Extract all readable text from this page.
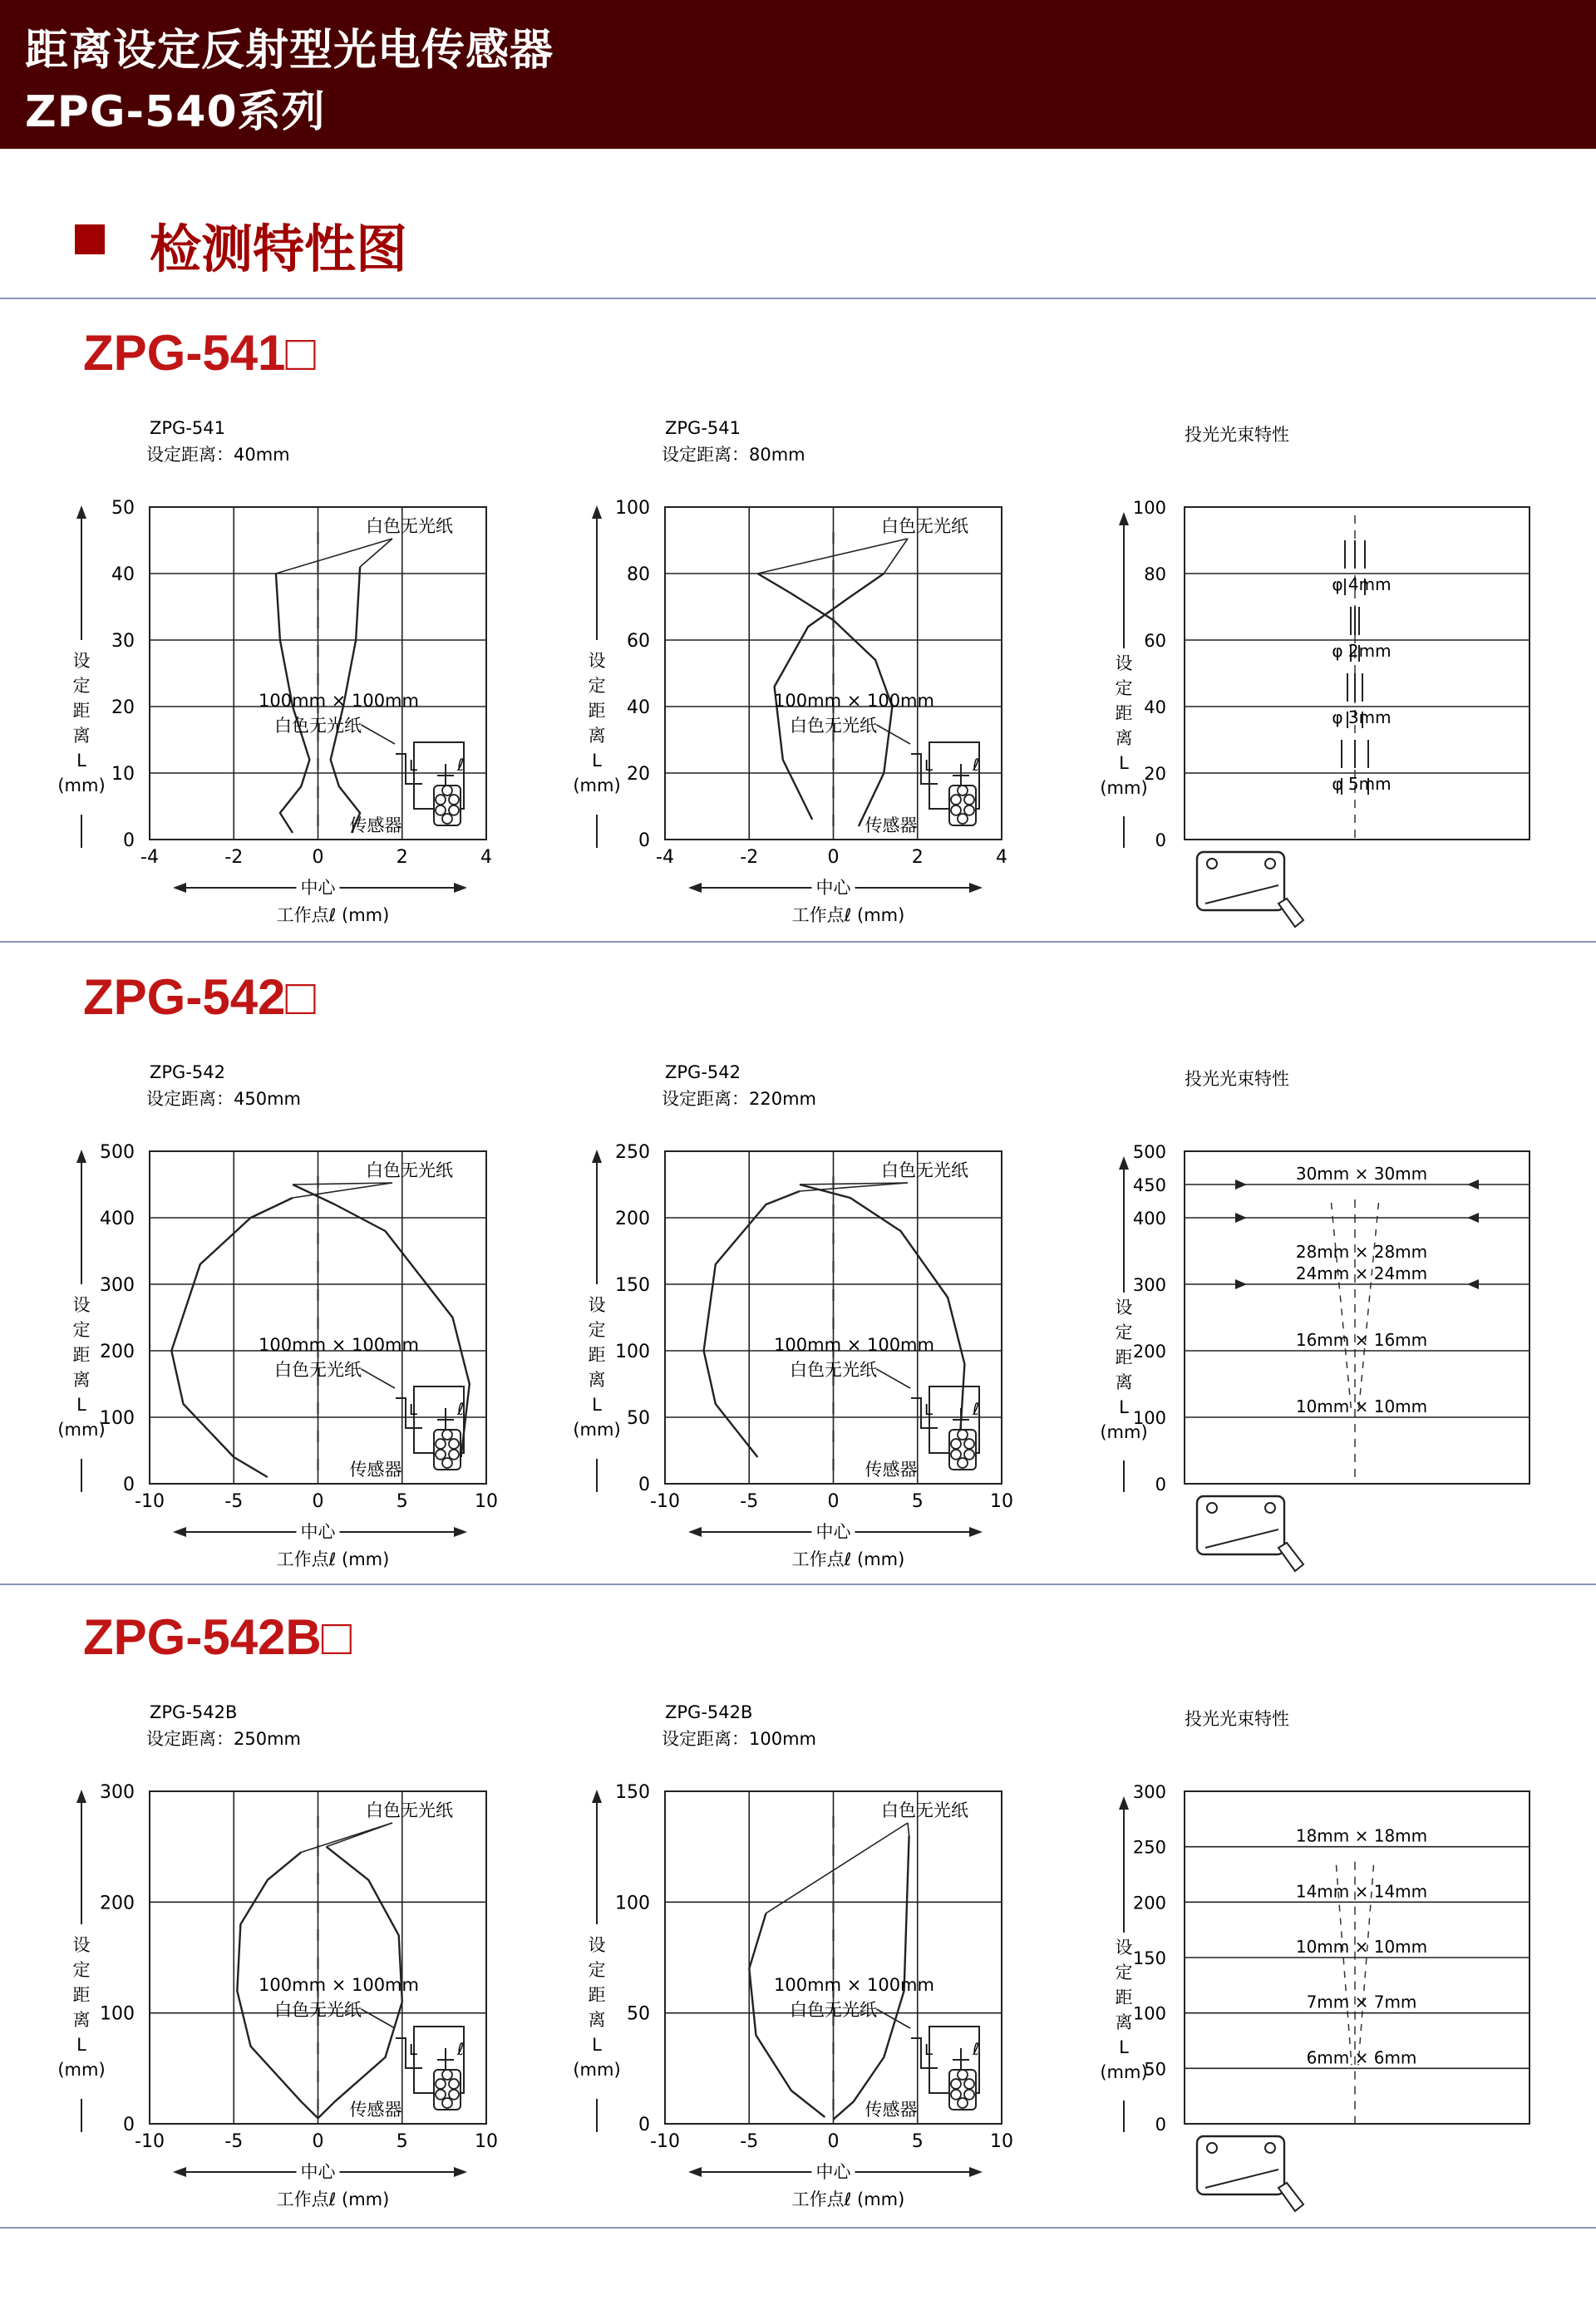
距离设定反射型光电传感器
ZPG-540系列
检测特性图
ZPG-541□
ZPG-542□
ZPG-542B□
ZPG-541
设定距离：40mm
-4	-2	0	2	4
0
10
20
30
40
50
设
定
距
离
L
(mm)
中心
工作点ℓ (mm)
白色无光纸
100mm × 100mm
白色无光纸
ℓ
L
传感器
ZPG-541
设定距离：80mm
-4	-2	0	2	4
0
20
40
60
80
100
设
定
距
离
L
(mm)
中心
工作点ℓ (mm)
白色无光纸
100mm × 100mm
白色无光纸
ℓ
L
传感器
投光光束特性
100
80
60
40
20
0
设
定
距
离
L
(mm)
φ 4mm
φ 2mm
φ 3mm
φ 5mm
ZPG-542
设定距离：450mm
-10	-5	0	5	10
0
100
200
300
400
500
设
定
距
离
L
(mm)
中心
工作点ℓ (mm)
白色无光纸
100mm × 100mm
白色无光纸
ℓ
L
传感器
ZPG-542
设定距离：220mm
-10	-5	0	5	10
0
50
100
150
200
250
设
定
距
离
L
(mm)
中心
工作点ℓ (mm)
白色无光纸
100mm × 100mm
白色无光纸
ℓ
L
传感器
投光光束特性
500
450
400
300
200
100
0
设
定
距
离
L
(mm)
30mm × 30mm
28mm × 28mm
24mm × 24mm
16mm × 16mm
10mm × 10mm
ZPG-542B
设定距离：250mm
-10	-5	0	5	10
0
100
200
300
设
定
距
离
L
(mm)
中心
工作点ℓ (mm)
白色无光纸
100mm × 100mm
白色无光纸
ℓ
L
传感器
ZPG-542B
设定距离：100mm
-10	-5	0	5	10
0
50
100
150
设
定
距
离
L
(mm)
中心
工作点ℓ (mm)
白色无光纸
100mm × 100mm
白色无光纸
ℓ
L
传感器
投光光束特性
300
250
200
150
100
50
0
设
定
距
离
L
(mm)
18mm × 18mm
14mm × 14mm
10mm × 10mm
7mm × 7mm
6mm × 6mm
